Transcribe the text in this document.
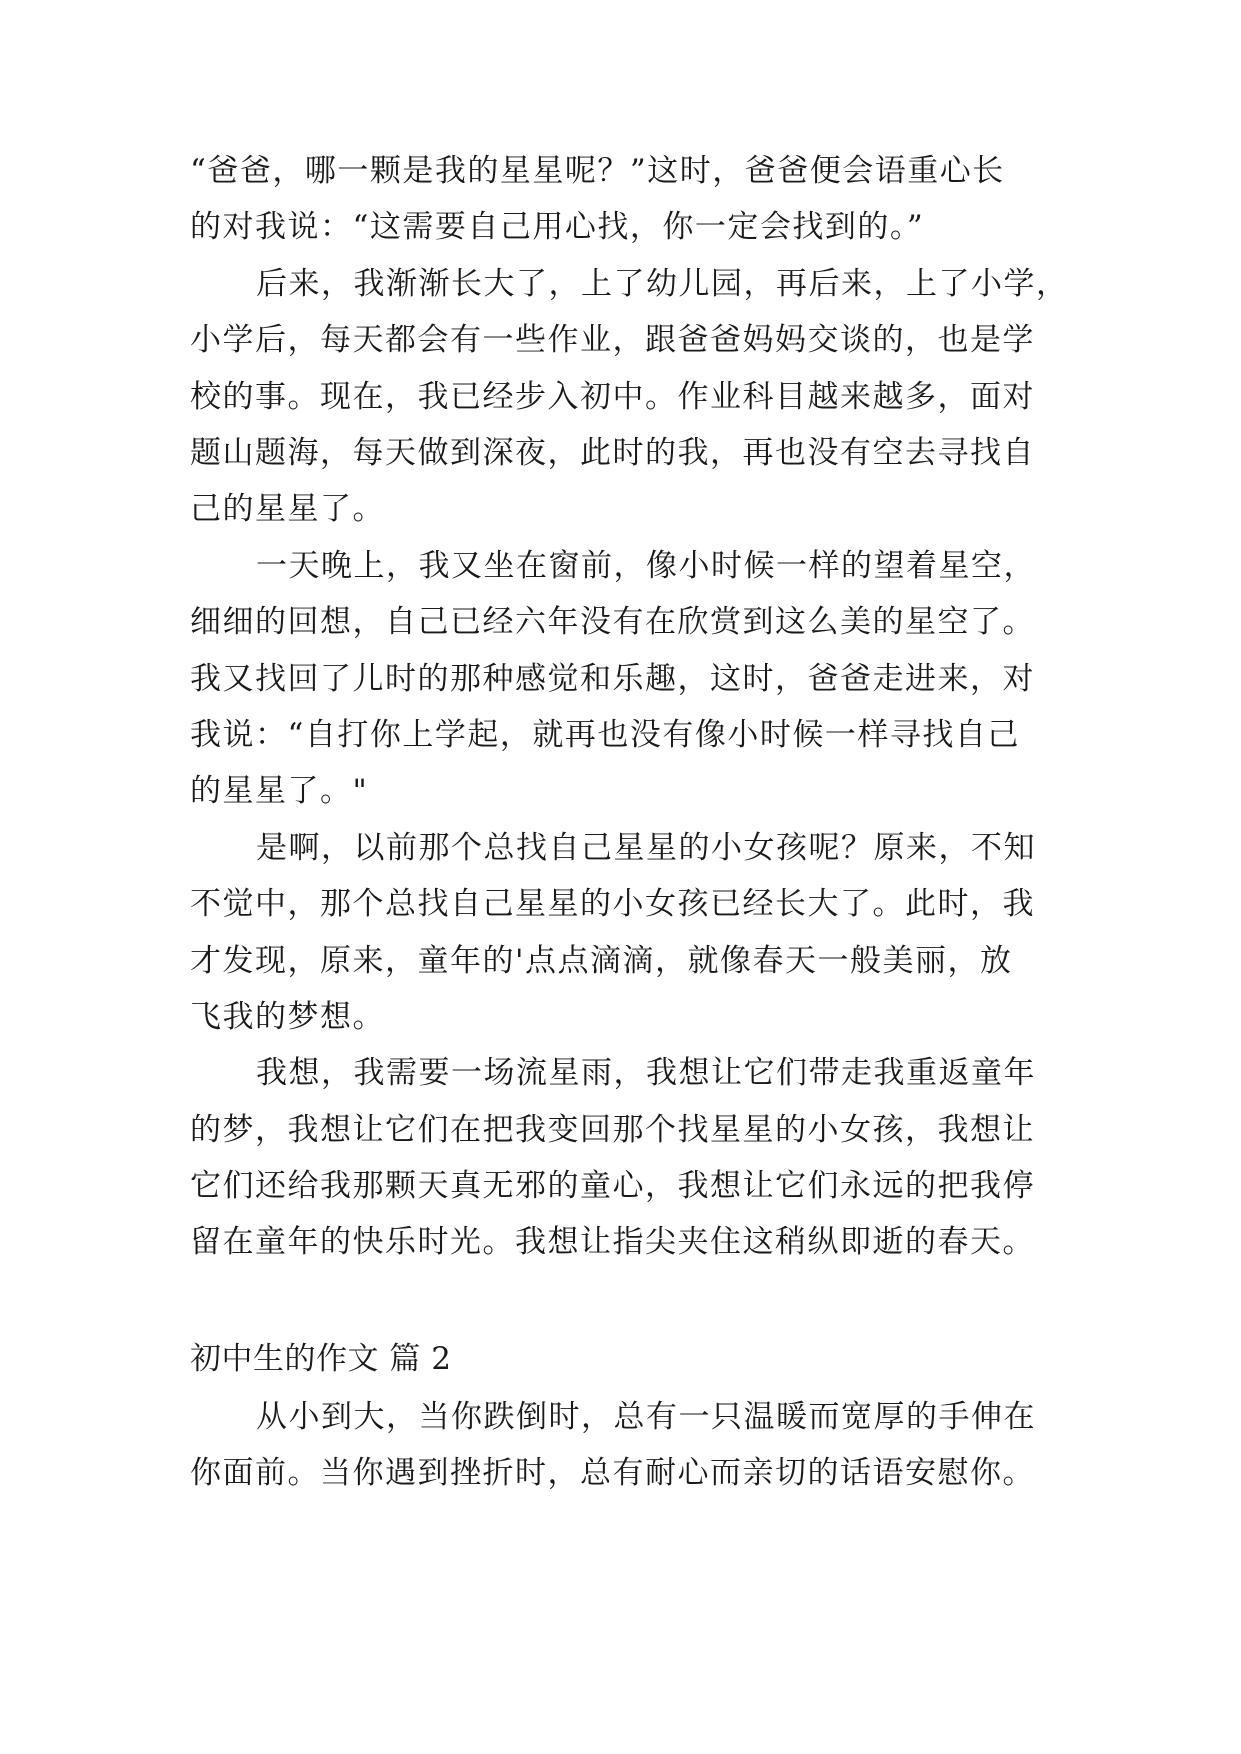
“爸爸，哪一颗是我的星星呢？”这时，爸爸便会语重心长
的对我说：“这需要自己用心找，你一定会找到的。”
后来，我渐渐长大了，上了幼儿园，再后来，上了小学，
小学后，每天都会有一些作业，跟爸爸妈妈交谈的，也是学
校的事。现在，我已经步入初中。作业科目越来越多，面对
题山题海，每天做到深夜，此时的我，再也没有空去寻找自
己的星星了。
一天晚上，我又坐在窗前，像小时候一样的望着星空，
细细的回想，自己已经六年没有在欣赏到这么美的星空了。
我又找回了儿时的那种感觉和乐趣，这时，爸爸走进来，对
我说：“自打你上学起，就再也没有像小时候一样寻找自己
的星星了。"
是啊，以前那个总找自己星星的小女孩呢？原来，不知
不觉中，那个总找自己星星的小女孩已经长大了。此时，我
才发现，原来，童年的'点点滴滴，就像春天一般美丽，放
飞我的梦想。
我想，我需要一场流星雨，我想让它们带走我重返童年
的梦，我想让它们在把我变回那个找星星的小女孩，我想让
它们还给我那颗天真无邪的童心，我想让它们永远的把我停
留在童年的快乐时光。我想让指尖夹住这稍纵即逝的春天。
初中生的作文 篇 2
从小到大，当你跌倒时，总有一只温暖而宽厚的手伸在
你面前。当你遇到挫折时，总有耐心而亲切的话语安慰你。
